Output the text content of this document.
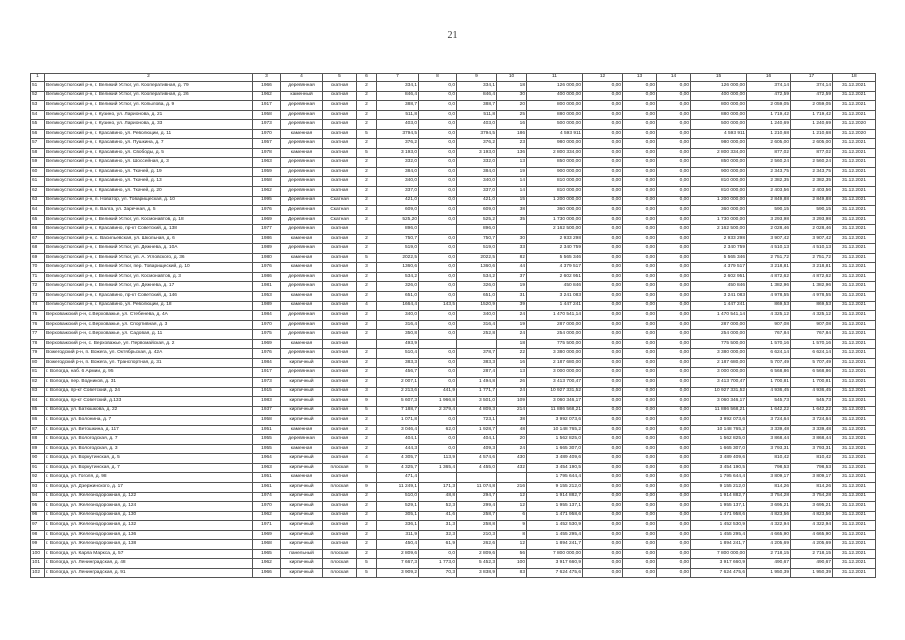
21
1	2	3	4	5	6	7	8	9	10	11	12	13	14	15	16	17	18
51	Великоустюгский р-н, г. Великий Устюг, ул. Кооперативная, д. 79	1966	деревянная	скатная	2	334,1	0,0	334,1	18	126 000,00	0,00	0,00	0,00	126 000,00	374,14	374,14	31.12.2021
52	Великоустюгский р-н, г. Великий Устюг, ул. Кооперативная, д. 26	1962	каменный	скатная	2	846,4	0,0	846,4	30	400 000,00	0,00	0,00	0,00	400 000,00	472,59	472,59	31.12.2021
53	Великоустюгский р-н, г. Великий Устюг, ул. Копылова, д. 9	1917	деревянная	скатная	2	388,7	0,0	388,7	20	800 000,00	0,00	0,00	0,00	800 000,00	2 059,05	2 059,05	31.12.2021
54	Великоустюгский р-н, г. Кузино, ул. Ларионова, д. 21	1958	деревянная	скатная	2	511,8	0,0	511,8	25	880 000,00	0,00	0,00	0,00	880 000,00	1 719,42	1 719,42	31.12.2021
55	Великоустюгский р-н, г. Кузино, ул. Ларионова, д. 33	1973	деревянная	скатная	2	403,0	0,0	403,0	16	500 000,00	0,00	0,00	0,00	500 000,00	1 240,69	1 240,69	31.12.2020
56	Великоустюгский р-н, г. Красавино, ул. Революции, д. 11	1970	каменная	скатная	5	3794,5	0,0	3794,5	186	4 593 911	0,00	0,00	0,00	4 593 911	1 210,68	1 210,68	31.12.2020
57	Великоустюгский р-н, г. Красавино, ул. Пушкина, д. 7	1957	деревянная	скатная	2	376,2	0,0	376,2	23	980 000,00	0,00	0,00	0,00	980 000,00	2 605,00	2 605,00	31.12.2021
58	Великоустюгский р-н, г. Красавино, ул. Свободы, д. 5	1978	каменная	скатная	5	3 193,0	0,0	3 193,0	136	2 800 334,00	0,00	0,00	0,00	2 800 334,00	877,02	877,02	31.12.2021
59	Великоустюгский р-н, г. Красавино, ул. Шоссейная, д. 3	1963	деревянная	скатная	2	332,0	0,0	332,0	13	850 000,00	0,00	0,00	0,00	850 000,00	2 560,24	2 560,24	31.12.2021
60	Великоустюгский р-н, г. Красавино, ул. Ткачей, д. 19	1959	деревянная	скатная	2	384,0	0,0	384,0	19	900 000,00	0,00	0,00	0,00	900 000,00	2 343,75	2 343,75	31.12.2021
61	Великоустюгский р-н, г. Красавино, ул. Ткачей, д. 13	1958	деревянная	скатная	2	340,0	0,0	340,0	14	810 000,00	0,00	0,00	0,00	810 000,00	2 382,35	2 382,35	31.12.2021
62	Великоустюгский р-н, г. Красавино, ул. Ткачей, д. 20	1962	деревянная	скатная	2	337,0	0,0	337,0	14	810 000,00	0,00	0,00	0,00	810 000,00	2 403,56	2 403,56	31.12.2021
63	Великоустюгский р-н, п. Новатор, ул. Товарищеская, д. 10	1995	Деревянная	Скатная	2	421,0	0,0	421,0	15	1 200 000,00	0,00	0,00	0,00	1 200 000,00	2 849,88	2 849,88	31.12.2021
64	Великоустюгский р-н, п. Валга, ул. Заречная, д. 5	1976	Деревянная	Скатная	2	609,0	0,0	609,0	38	360 000,00	0,00	0,00	0,00	360 000,00	590,15	590,15	31.12.2021
65	Великоустюгский р-н, г. Великий Устюг, ул. Космонавтов, д. 18	1969	Деревянная	Скатная	2	525,20	0,0	525,2	35	1 730 000,00	0,00	0,00	0,00	1 730 000,00	3 293,98	3 293,98	31.12.2021
66	Великоустюгский р-н, г. Красавино, пр-кт Советский, д. 138	1977	деревянная	скатная		896,0		896,0		2 162 500,00	0,00	0,00	0,00	2 162 500,00	2 028,46	2 028,46	31.12.2021
67	Великоустюгский р-н, с. Васильевская, ул. Школьная, д. 6	1986	каменная	скатная	2	750,7	0,0	750,7	30	2 933 298	0,00	0,00	0,00	2 933 298	3 907,42	3 907,42	31.12.2021
68	Великоустюгский р-н, г. Великий Устюг, ул. Дежнева, д. 10А	1989	деревянная	скатная	2	519,0	0,0	519,0	33	2 340 759	0,00	0,00	0,00	2 340 759	4 510,13	4 510,13	31.12.2021
69	Великоустюгский р-н, г. Великий Устюг, ул. А. Угловского, д. 36	1980	каменная	скатная	5	2022,5	0,0	2022,5	82	5 565 346	0,00	0,00	0,00	5 565 346	2 751,72	2 751,72	31.12.2021
70	Великоустюгский р-н, г. Великий Устюг, пер. Товарищеский, д. 10	1976	каменная	скатная	3	1360,6	0,0	1360,6	44	4 379 517	0,00	0,00	0,00	4 379 517	3 218,81	3 218,81	31.12.2021
71	Великоустюгский р-н, г. Великий Устюг, ул. Космонавтов, д. 3	1986	деревянная	скатная	2	534,2	0,0	534,2	37	2 602 951	0,00	0,00	0,00	2 602 951	4 872,62	4 872,62	31.12.2021
72	Великоустюгский р-н, г. Великий Устюг, ул. Дежнева, д. 17	1981	деревянная	скатная	2	326,0	0,0	326,0	19	450 846	0,00	0,00	0,00	450 846	1 382,96	1 382,96	31.12.2021
73	Великоустюгский р-н, г. Красавино, пр-кт Советский, д. 146	1953	каменная	скатная	2	651,0	0,0	651,0	31	3 241 083	0,00	0,00	0,00	3 241 083	4 978,55	4 978,55	31.12.2021
74	Великоустюгский р-н, г. Красавино, ул. Революции, д. 18	1989	каменная	скатная	4	1664,4	143,5	1520,9	39	1 447 241	0,00	0,00	0,00	1 447 241	869,53	869,53	31.12.2021
75	Верховажский р-н, с.Верховажье, ул. Стебенева, д. 4А	1984	деревянная	скатная	2	340,0	0,0	340,0	24	1 470 541,14	0,00	0,00	0,00	1 470 541,14	4 325,12	4 325,12	31.12.2021
76	Верховажский р-н, с.Верховажье, ул. Спортивная, д. 3	1970	деревянная	скатная	2	316,4	0,0	316,4	19	287 000,00	0,00	0,00	0,00	287 000,00	907,08	907,08	31.12.2021
77	Верховажский р-н, с.Верховажье, ул. Садовая, д. 11	1975	деревянная	скатная	2	350,8	0,0	252,8	24	254 000,00	0,00	0,00	0,00	254 000,00	767,84	767,84	31.12.2021
78	Верховажский р-н, с. Верховажье, ул. Первомайская, д. 2	1969	каменная	скатная		493,9			18	775 500,00	0,00	0,00	0,00	775 500,00	1 570,16	1 570,16	31.12.2021
79	Вожегодский р-н, п. Вожега, ул. Октябрьская, д. 42А	1976	деревянная	скатная	2	510,4	0,0	378,7	22	3 380 000,00	0,00	0,00	0,00	3 380 000,00	6 624,14	6 624,14	31.12.2021
80	Вожегодский р-н, п. Вожега, ул. Транспортная, д. 31	1984	кирпичный	скатная	2	383,3	0,0	383,3	16	2 187 680,00	0,00	0,00	0,00	2 187 680,00	5 707,49	5 707,49	31.12.2021
81	г. Вологда, наб. 6 Армии, д. 95	1917	деревянная	скатная	2	456,7	0,0	287,4	13	3 000 000,00	0,00	0,00	0,00	3 000 000,00	6 568,86	6 568,86	31.12.2021
82	г. Вологда, пер. Водников, д. 31	1973	кирпичный	скатная	2	2 007,1	0,0	1 494,8	26	3 413 700,47	0,00	0,00	0,00	3 413 700,47	1 700,81	1 700,81	31.12.2021
83	г. Вологда, пр-кт Советский, д. 24	1915	кирпичный	скатная	3	2 213,6	441,9	1 771,7	24	10 927 331,52	0,00	0,00	0,00	10 927 331,52	4 936,45	4 936,45	31.12.2021
84	г. Вологда, пр-кт Советский, д.133	1983	кирпичный	скатная	9	5 607,3	1 966,8	3 501,0	109	3 060 346,17	0,00	0,00	0,00	3 060 346,17	545,73	545,73	31.12.2021
85	г. Вологда, ул. Батюшкова, д. 22	1937	кирпичный	скатная	5	7 188,7	2 379,4	4 809,3	214	11 886 568,21	0,00	0,00	0,00	11 886 568,21	1 642,22	1 642,22	31.12.2021
86	г. Вологда, ул. Болонина, д. 7	1958	кирпичный	скатная	2	1 071,8	0,0	723,1	38	3 992 073,6	0,00	0,00	0,00	3 992 073,6	3 724,64	3 724,64	31.12.2021
87	г. Вологда, ул. Ветошкина, д. 117	1951	каменная	скатная	2	3 046,4	62,0	1 928,7	48	10 148 765,2	0,00	0,00	0,00	10 148 765,2	3 339,48	3 339,48	31.12.2021
88	г. Вологда, ул. Вологодская, д. 7	1955	деревянная	скатная	2	404,1	0,0	404,1	20	1 562 825,0	0,00	0,00	0,00	1 562 825,0	3 868,44	3 868,44	31.12.2021
89	г. Вологда, ул. Вологодская, д. 3	1955	каменная	скатная	2	444,3	0,0	409,3	24	1 665 307,0	0,00	0,00	0,00	1 665 307,0	3 793,31	3 793,31	31.12.2021
90	г. Вологда, ул. Воркутинская, д. 5	1964	кирпичный	скатная	4	4 305,7	113,9	4 574,6	430	3 489 409,6	0,00	0,00	0,00	3 489 409,6	810,42	810,42	31.12.2021
91	г. Вологда, ул. Воркутинская, д. 7	1963	кирпичный	плоская	9	4 325,7	1 365,4	4 455,0	432	3 454 190,5	0,00	0,00	0,00	3 454 190,5	798,53	798,53	31.12.2021
92	г. Вологда, ул. Гоголя, д. 98	1951	каменная	скатная		471,4				1 795 644,4	0,00	0,00	0,00	1 795 644,4	3 809,17	3 809,17	31.12.2021
93	г. Вологда, ул. Дзержинского, д. 17	1961	кирпичный	плоская	9	11 249,1	171,3	11 074,8	216	9 155 212,0	0,00	0,00	0,00	9 155 212,0	814,26	814,26	31.12.2021
94	г. Вологда, ул. Железнодорожная, д. 122	1974	кирпичный	скатная	2	510,0	48,8	294,7	12	1 914 882,7	0,00	0,00	0,00	1 914 882,7	3 754,28	3 754,28	31.12.2021
95	г. Вологда, ул. Железнодорожная, д. 124	1970	кирпичный	скатная	2	529,1	52,3	299,4	12	1 955 137,1	0,00	0,00	0,00	1 955 137,1	3 695,21	3 695,21	31.12.2021
96	г. Вологда, ул. Железнодорожная, д. 130	1962	кирпичный	скатная	2	305,1	41,6	258,7	6	1 471 958,6	0,00	0,00	0,00	1 471 958,6	4 823,56	4 823,56	31.12.2021
97	г. Вологда, ул. Железнодорожная, д. 132	1971	кирпичный	скатная	2	336,1	31,3	258,8	9	1 452 530,9	0,00	0,00	0,00	1 452 530,9	4 322,94	4 322,94	31.12.2021
98	г. Вологда, ул. Железнодорожная, д. 136	1969	кирпичный	скатная	2	311,9	32,3	210,3	8	1 455 295,4	0,00	0,00	0,00	1 455 295,4	4 665,90	4 665,90	31.12.2021
99	г. Вологда, ул. Железнодорожная, д. 138	1968	кирпичный	скатная	2	450,4	61,9	262,6	12	1 894 241,7	0,00	0,00	0,00	1 894 241,7	4 205,69	4 205,69	31.12.2021
100	г. Вологда, ул. Карла Маркса, д. 57	1965	панельный	плоская	2	2 809,6	0,0	2 809,6	56	7 800 000,00	0,00	0,00	0,00	7 800 000,00	2 718,15	2 718,15	31.12.2021
101	г. Вологда, ул. Ленинградская, д. 48	1962	кирпичный	плоская	5	7 667,3	1 773,0	5 452,3	100	3 917 660,9	0,00	0,00	0,00	3 917 660,9	490,67	490,67	31.12.2021
102	г. Вологда, ул. Ленинградская, д. 91	1966	кирпичный	плоская	5	3 909,2	70,3	3 838,9	83	7 624 475,6	0,00	0,00	0,00	7 624 475,6	1 950,39	1 950,39	31.12.2021
